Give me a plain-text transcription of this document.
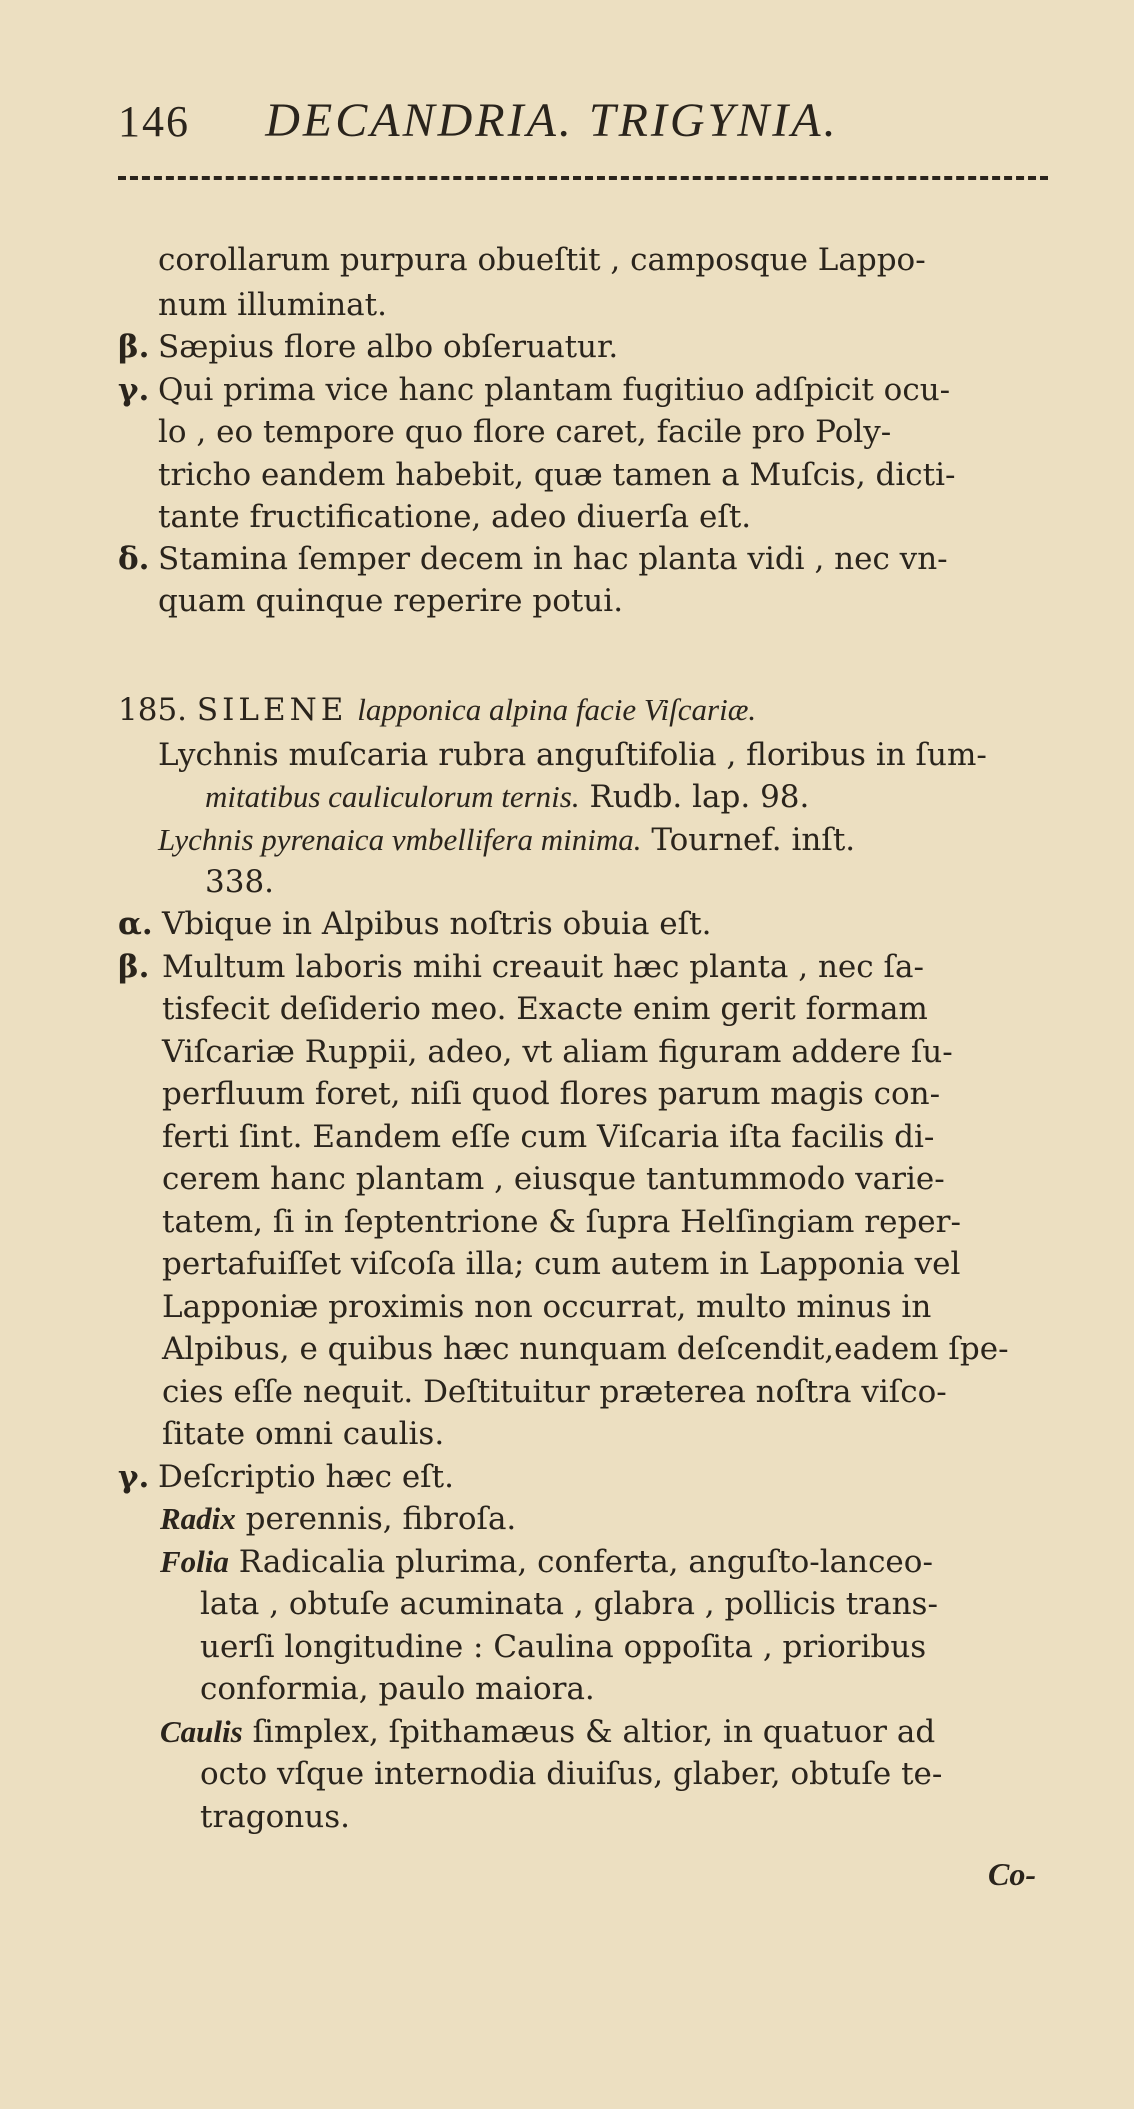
146 DECANDRIA. TRIGYNIA.
corollarum purpura obueſtit , camposque Lappo-
num illuminat.
β. Sæpius flore albo obſeruatur.
γ. Qui prima vice hanc plantam fugitiuo adſpicit ocu-
lo , eo tempore quo flore caret, facile pro Poly-
tricho eandem habebit, quæ tamen a Muſcis, dicti-
tante fructificatione, adeo diuerſa eſt.
δ. Stamina ſemper decem in hac planta vidi , nec vn-
quam quinque reperire potui.
185. SILENE lapponica alpina facie Viſcariæ.
Lychnis muſcaria rubra anguſtifolia , floribus in ſum-
mitatibus cauliculorum ternis. Rudb. lap. 98.
Lychnis pyrenaica vmbellifera minima. Tournef. inſt.
338.
α. Vbique in Alpibus noſtris obuia eſt.
β. Multum laboris mihi creauit hæc planta , nec ſa-
tisfecit deſiderio meo. Exacte enim gerit formam
Viſcariæ Ruppii, adeo, vt aliam figuram addere ſu-
perfluum foret, niſi quod flores parum magis con-
ferti ſint. Eandem eſſe cum Viſcaria iſta facilis di-
cerem hanc plantam , eiusque tantummodo varie-
tatem, ſi in ſeptentrione & ſupra Helſingiam reper-
pertafuiſſet viſcoſa illa; cum autem in Lapponia vel
Lapponiæ proximis non occurrat, multo minus in
Alpibus, e quibus hæc nunquam deſcendit,eadem ſpe-
cies eſſe nequit. Deſtituitur præterea noſtra viſco-
ſitate omni caulis.
γ. Deſcriptio hæc eſt.
Radix perennis, fibroſa.
Folia Radicalia plurima, conferta, anguſto-lanceo-
lata , obtuſe acuminata , glabra , pollicis trans-
uerſi longitudine : Caulina oppoſita , prioribus
conformia, paulo maiora.
Caulis ſimplex, ſpithamæus & altior, in quatuor ad
octo vſque internodia diuiſus, glaber, obtuſe te-
tragonus.
Co-
